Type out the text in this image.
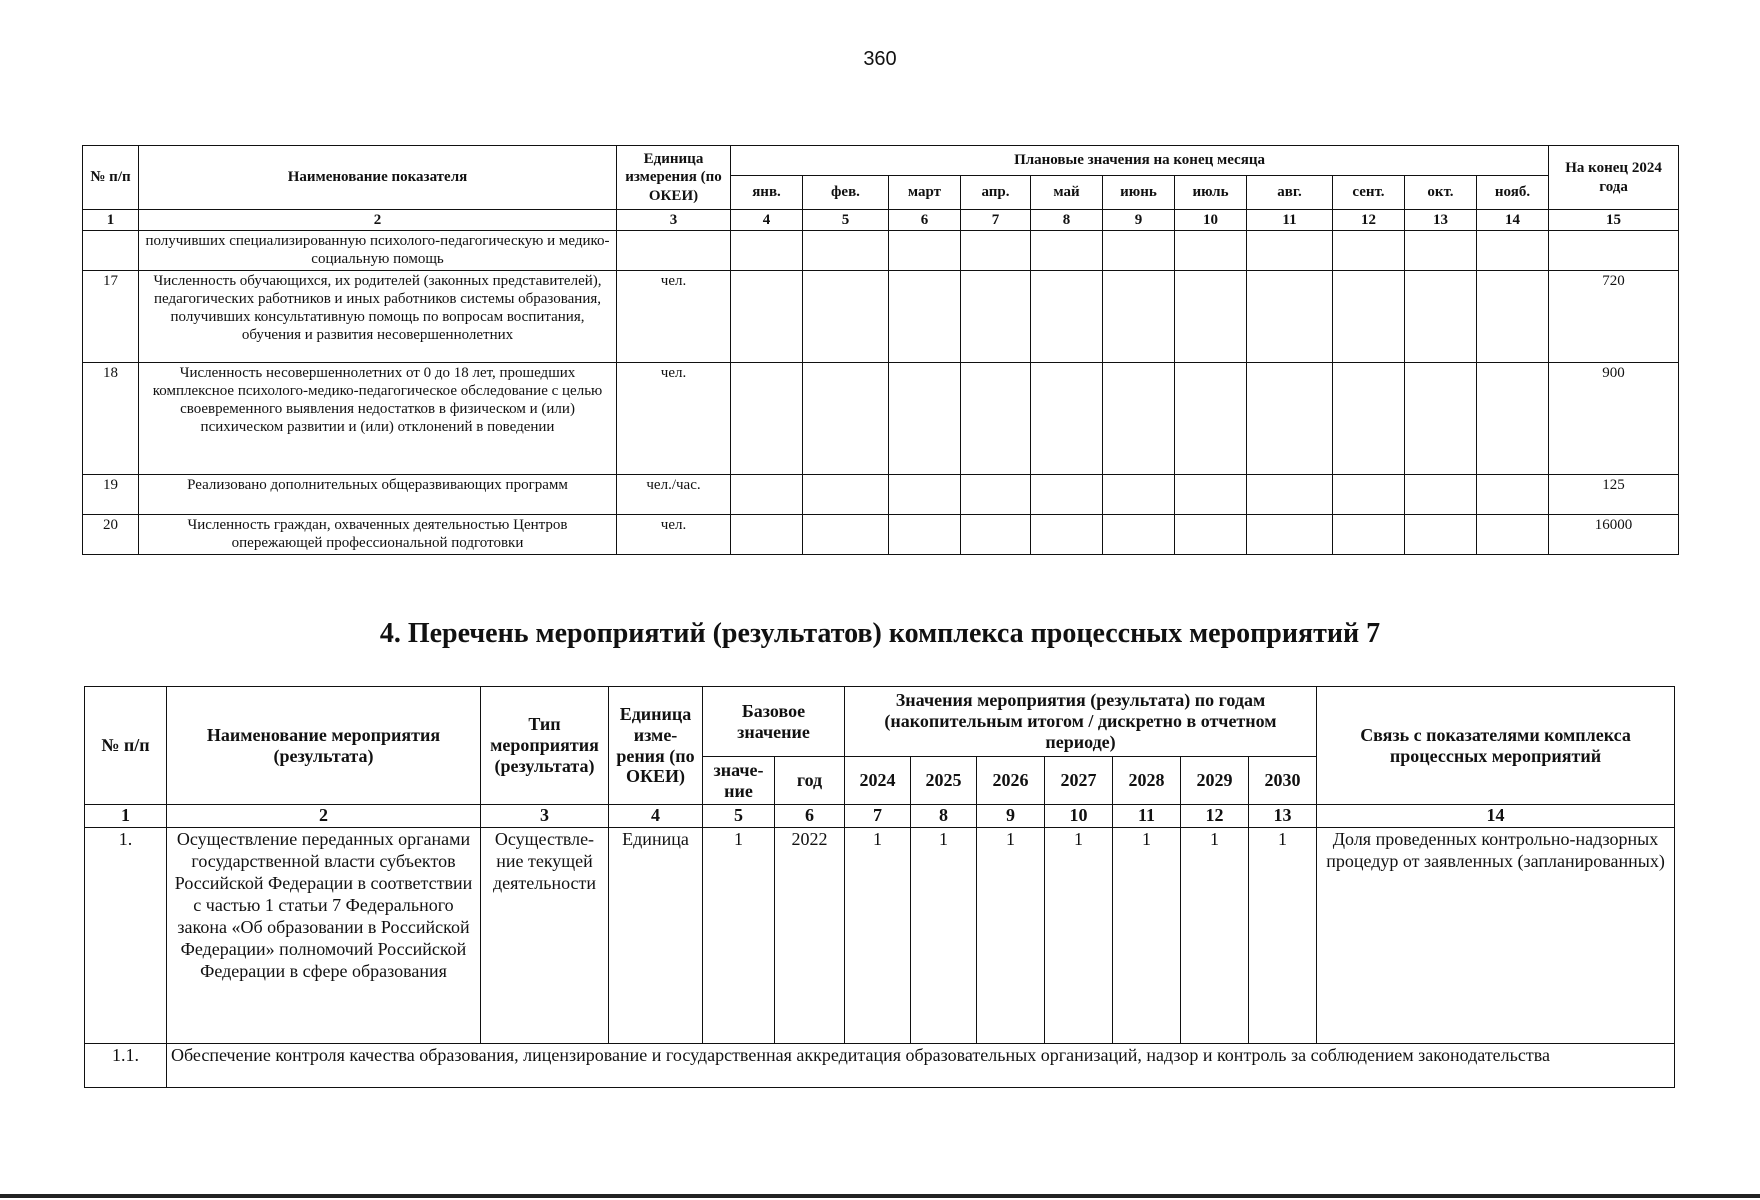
360
№ п/п	Наименование показателя	Единица измерения (по ОКЕИ)	Плановые значения на конец месяца											На конец 2024 года
			янв.	фев.	март	апр.	май	июнь	июль	авг.	сент.	окт.	нояб.	
1	2	3	4	5	6	7	8	9	10	11	12	13	14	15
	получивших специализированную психолого-педагогическую и медико-социальную помощь													
17	Численность обучающихся, их родителей (законных представителей), педагогических работников и иных работников системы образования, получивших консультативную помощь по вопросам воспитания, обучения и развития несовершеннолетних	чел.												720
18	Численность несовершеннолетних от 0 до 18 лет, прошедших комплексное психолого-медико-педагогическое обследование с целью своевременного выявления недостатков в физическом и (или) психическом развитии и (или) отклонений в поведении	чел.												900
19	Реализовано дополнительных общеразвивающих программ	чел./час.												125
20	Численность граждан, охваченных деятельностью Центров опережающей профессиональной подготовки	чел.												16000
4. Перечень мероприятий (результатов) комплекса процессных мероприятий 7
№ п/п	Наименование мероприятия (результата)	Тип мероприятия (результата)	Единица изме-рения (по ОКЕИ)	Базовое значение		Значения мероприятия (результата) по годам (накопительным итогом / дискретно в отчетном периоде)							Связь с показателями комплекса процессных мероприятий
				значе-ние	год	2024	2025	2026	2027	2028	2029	2030	
1	2	3	4	5	6	7	8	9	10	11	12	13	14
1.	Осуществление переданных органами государственной власти субъектов Российской Федерации в соответствии с частью 1 статьи 7 Федерального закона «Об образовании в Российской Федерации» полномочий Российской Федерации в сфере образования	Осуществле-ние текущей деятельности	Единица	1	2022	1	1	1	1	1	1	1	Доля проведенных контрольно-надзорных процедур от заявленных (запланированных)
1.1.	Обеспечение контроля качества образования, лицензирование и государственная аккредитация образовательных организаций, надзор и контроль за соблюдением законодательства												
